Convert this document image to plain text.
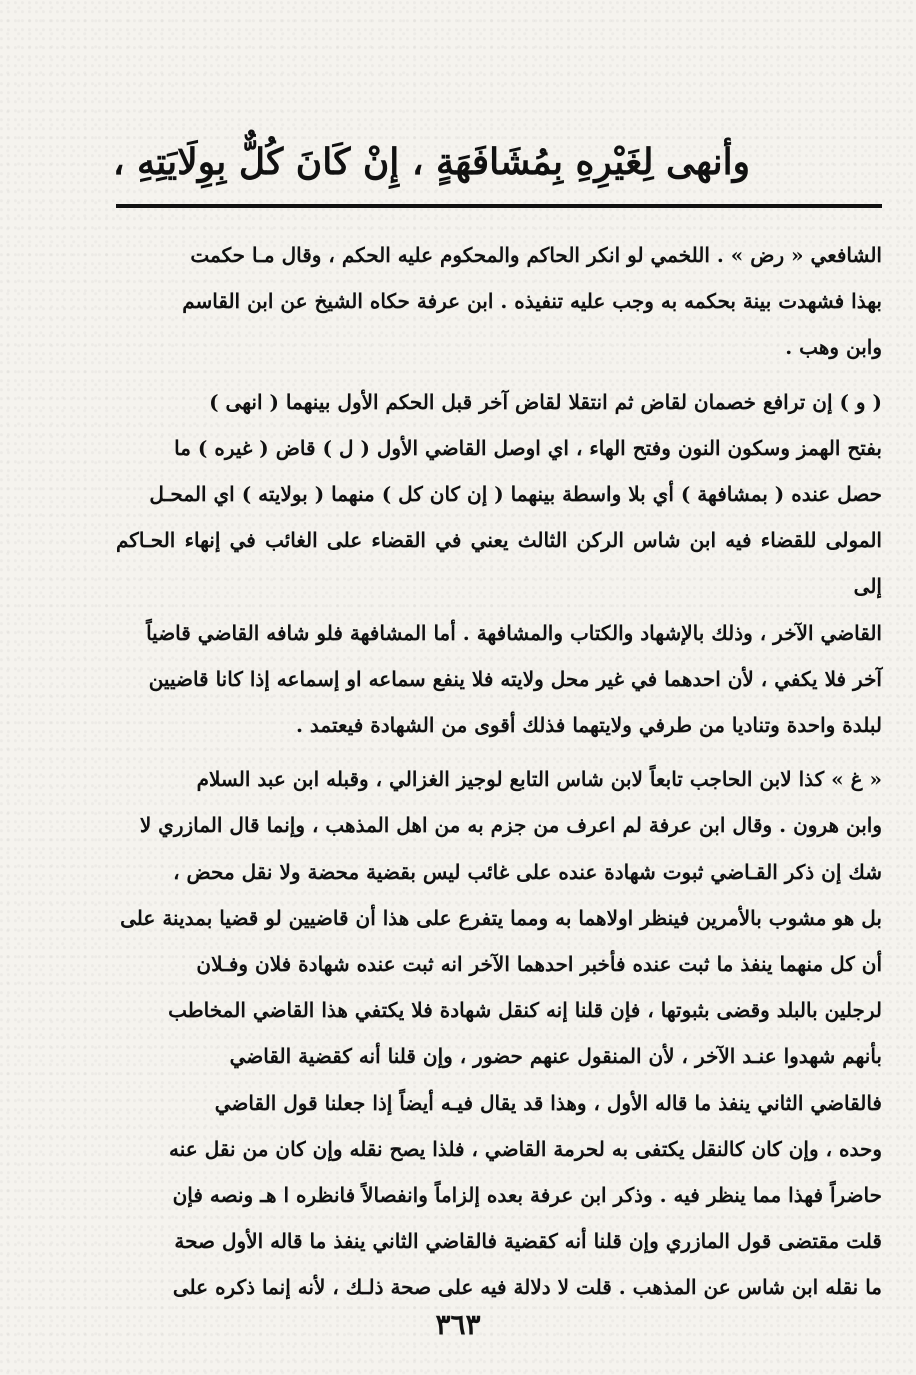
وأنهى لِغَيْرِهِ بِمُشَافَهَةٍ ، إِنْ كَانَ كُلٌّ بِوِلَايَتِهِ ،

الشافعي « رض » . اللخمي لو انكر الحاكم والمحكوم عليه الحكم ، وقال مـا حكمت

بهذا فشهدت بينة بحكمه به وجب عليه تنفيذه . ابن عرفة حكاه الشيخ عن ابن القاسم

وابن وهب .

( و ) إن ترافع خصمان لقاض ثم انتقلا لقاض آخر قبل الحكم الأول بينهما ( انهى )

بفتح الهمز وسكون النون وفتح الهاء ، اي اوصل القاضي الأول ( ل ) قاض ( غيره ) ما

حصل عنده ( بمشافهة ) أي بلا واسطة بينهما ( إن كان كل ) منهما ( بولايته ) اي المحـل

المولى للقضاء فيه ابن شاس الركن الثالث يعني في القضاء على الغائب في إنهاء الحـاكم إلى

القاضي الآخر ، وذلك بالإشهاد والكتاب والمشافهة . أما المشافهة فلو شافه القاضي قاضياً

آخر فلا يكفي ، لأن احدهما في غير محل ولايته فلا ينفع سماعه او إسماعه إذا كانا قاضيين

لبلدة واحدة وتناديا من طرفي ولايتهما فذلك أقوى من الشهادة فيعتمد .

« غ » كذا لابن الحاجب تابعاً لابن شاس التابع لوجيز الغزالي ، وقبله ابن عبد السلام

وابن هرون . وقال ابن عرفة لم اعرف من جزم به من اهل المذهب ، وإنما قال المازري لا

شك إن ذكر القـاضي ثبوت شهادة عنده على غائب ليس بقضية محضة ولا نقل محض ،

بل هو مشوب بالأمرين فينظر اولاهما به ومما يتفرع على هذا أن قاضيين لو قضيا بمدينة على

أن كل منهما ينفذ ما ثبت عنده فأخبر احدهما الآخر انه ثبت عنده شهادة فلان وفـلان

لرجلين بالبلد وقضى بثبوتها ، فإن قلنا إنه كنقل شهادة فلا يكتفي هذا القاضي المخاطب

بأنهم شهدوا عنـد الآخر ، لأن المنقول عنهم حضور ، وإن قلنا أنه كقضية القاضي

فالقاضي الثاني ينفذ ما قاله الأول ، وهذا قد يقال فيـه أيضاً إذا جعلنا قول القاضي

وحده ، وإن كان كالنقل يكتفى به لحرمة القاضي ، فلذا يصح نقله وإن كان من نقل عنه

حاضراً فهذا مما ينظر فيه . وذكر ابن عرفة بعده إلزاماً وانفصالاً فانظره ا هـ ونصه فإن

قلت مقتضى قول المازري وإن قلنا أنه كقضية فالقاضي الثاني ينفذ ما قاله الأول صحة

ما نقله ابن شاس عن المذهب . قلت لا دلالة فيه على صحة ذلـك ، لأنه إنما ذكره على

٣٦٣
